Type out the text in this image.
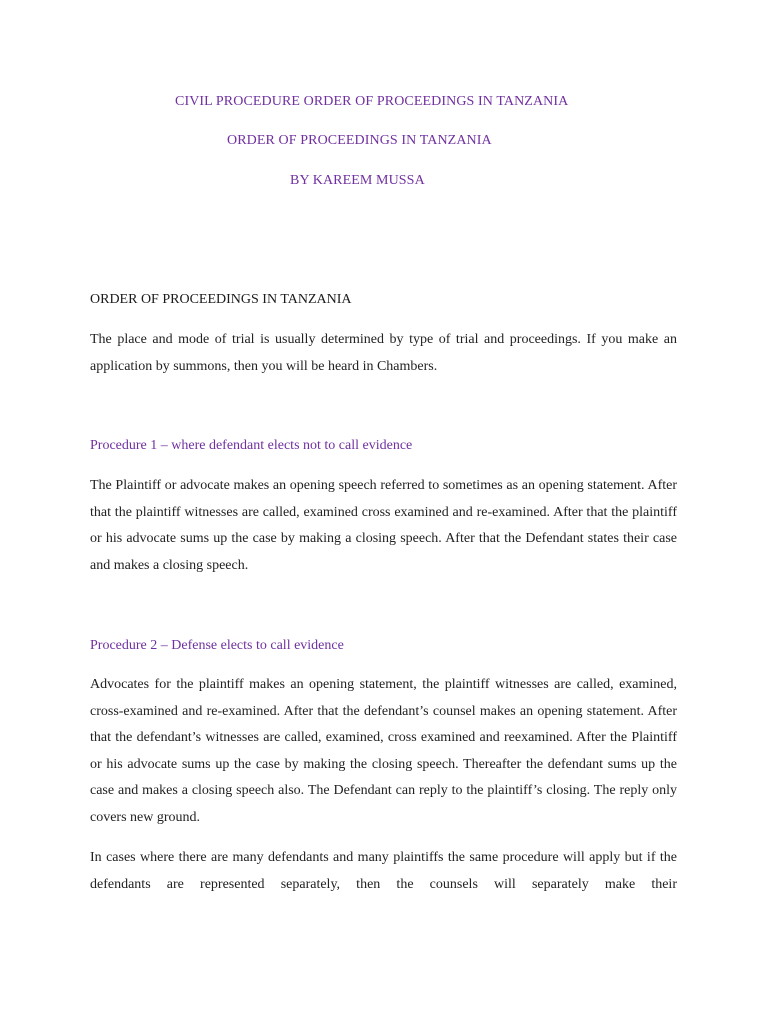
CIVIL PROCEDURE ORDER OF PROCEEDINGS IN TANZANIA
ORDER OF PROCEEDINGS IN TANZANIA
BY KAREEM MUSSA
ORDER OF PROCEEDINGS IN TANZANIA
The place and mode of trial is usually determined by type of trial and proceedings. If you make an application by summons, then you will be heard in Chambers.
Procedure 1 – where defendant elects not to call evidence
The Plaintiff or advocate makes an opening speech referred to sometimes as an opening statement. After that the plaintiff witnesses are called, examined cross examined and re-examined. After that the plaintiff or his advocate sums up the case by making a closing speech. After that the Defendant states their case and makes a closing speech.
Procedure 2 – Defense elects to call evidence
Advocates for the plaintiff makes an opening statement, the plaintiff witnesses are called, examined, cross-examined and re-examined. After that the defendant’s counsel makes an opening statement. After that the defendant’s witnesses are called, examined, cross examined and reexamined. After the Plaintiff or his advocate sums up the case by making the closing speech. Thereafter the defendant sums up the case and makes a closing speech also. The Defendant can reply to the plaintiff’s closing. The reply only covers new ground.
In cases where there are many defendants and many plaintiffs the same procedure will apply but if the defendants are represented separately, then the counsels will separately make their
